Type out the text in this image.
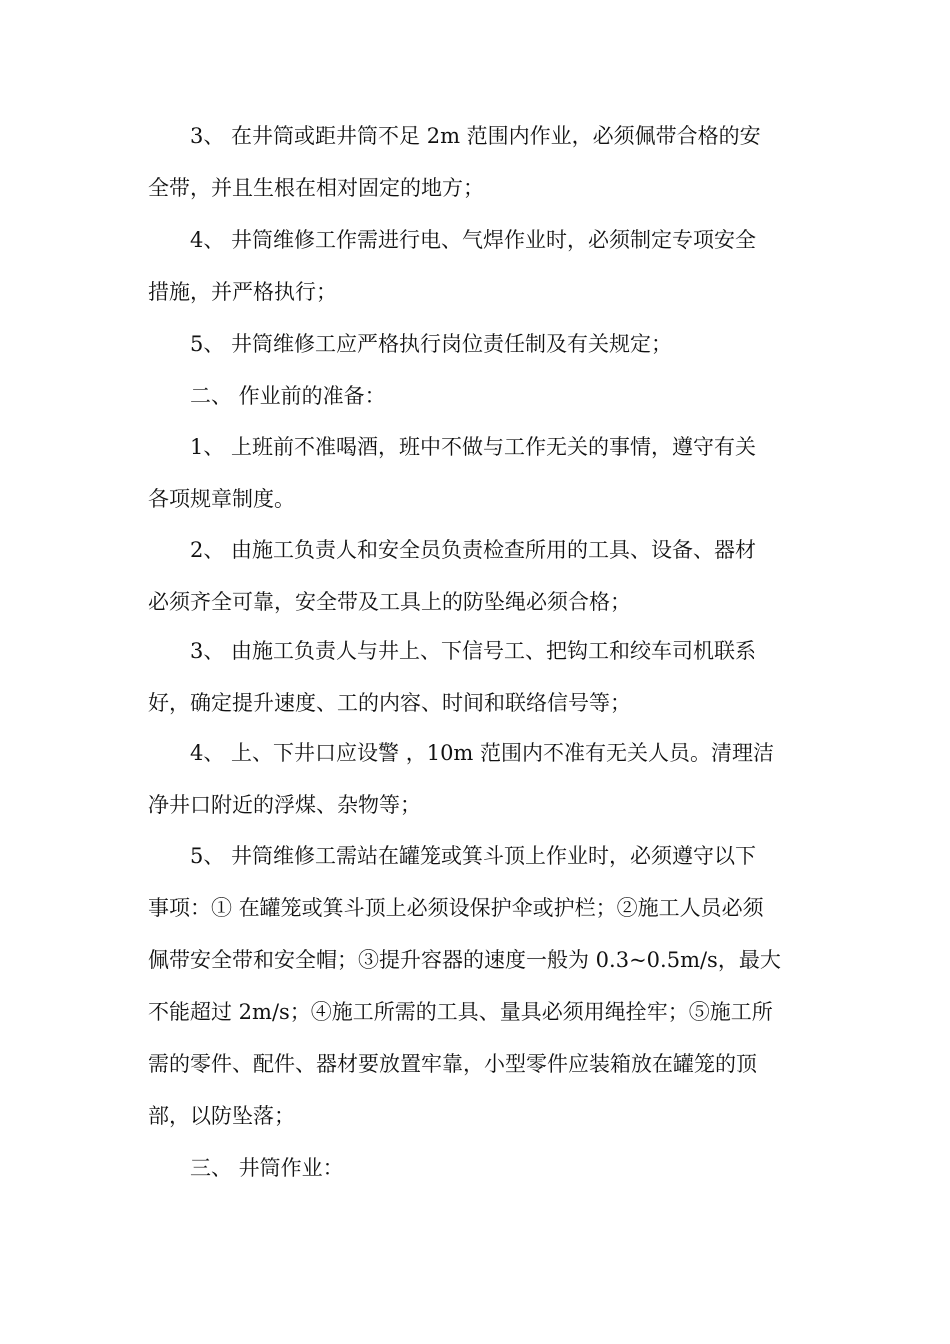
3、 在井筒或距井筒不足 2m 范围内作业，必须佩带合格的安
全带，并且生根在相对固定的地方；

4、 井筒维修工作需进行电、气焊作业时，必须制定专项安全
措施，并严格执行；

5、 井筒维修工应严格执行岗位责任制及有关规定；

二、 作业前的准备：

1、 上班前不准喝酒，班中不做与工作无关的事情，遵守有关
各项规章制度。

2、 由施工负责人和安全员负责检查所用的工具、设备、器材
必须齐全可靠，安全带及工具上的防坠绳必须合格；

3、 由施工负责人与井上、下信号工、把钩工和绞车司机联系
好，确定提升速度、工的内容、时间和联络信号等；

4、 上、下井口应设警 ，10m 范围内不准有无关人员。清理洁
净井口附近的浮煤、杂物等；

5、 井筒维修工需站在罐笼或箕斗顶上作业时，必须遵守以下
事项：① 在罐笼或箕斗顶上必须设保护伞或护栏；②施工人员必须
佩带安全带和安全帽；③提升容器的速度一般为 0.3~0.5m/s，最大
不能超过 2m/s；④施工所需的工具、量具必须用绳拴牢；⑤施工所
需的零件、配件、器材要放置牢靠，小型零件应装箱放在罐笼的顶
部，以防坠落；

三、 井筒作业：
